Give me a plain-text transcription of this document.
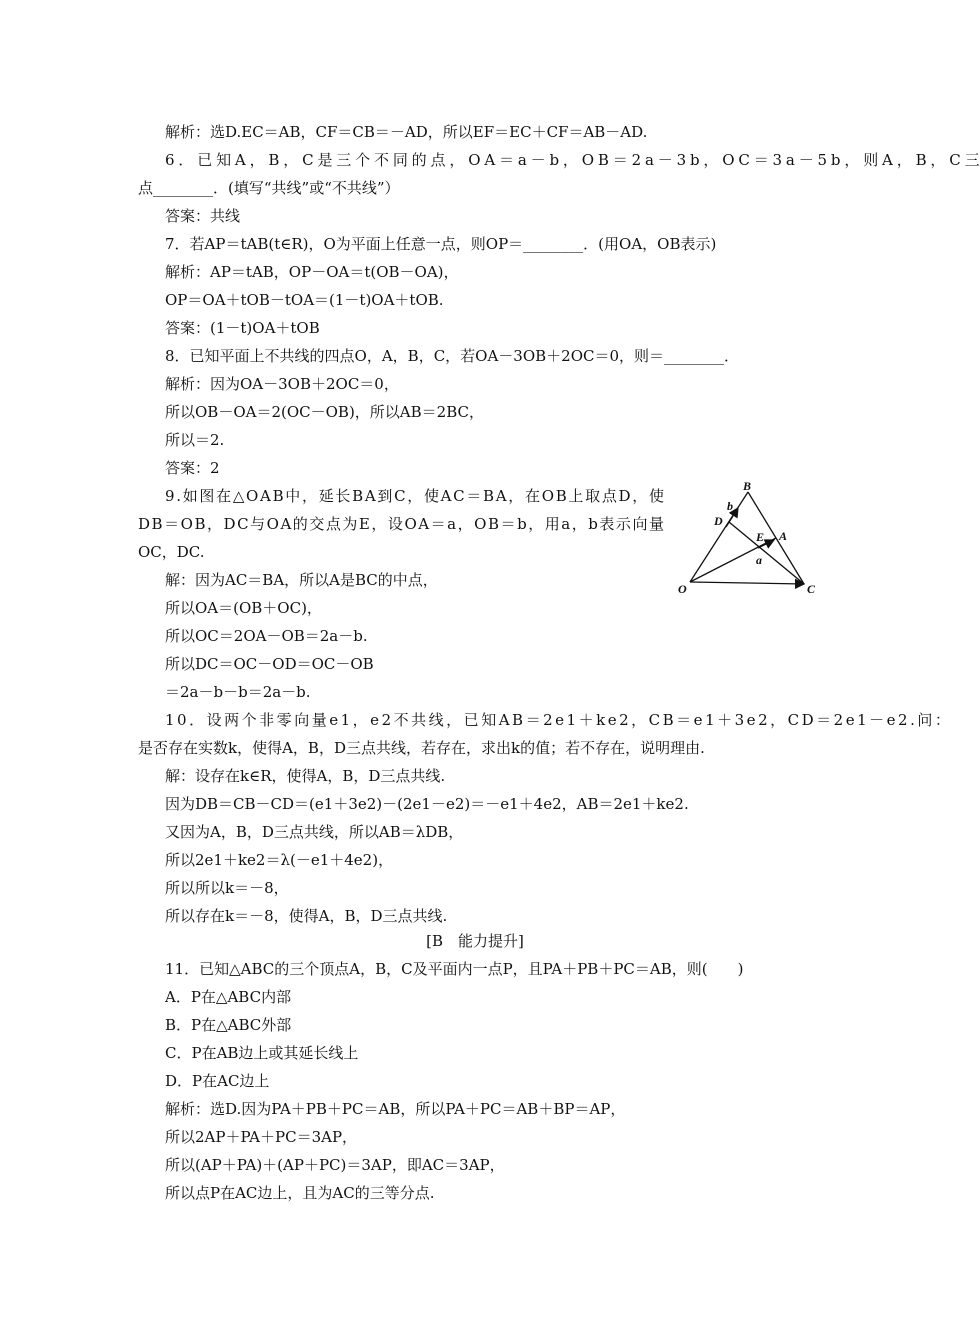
解析：选D.EC＝AB，CF＝CB＝－AD，所以EF＝EC＋CF＝AB－AD.
6 ． 已 知 A ， B ， C 是 三 个 不 同 的 点 ， O A ＝ a － b ， O B ＝ 2 a － 3 b ， O C ＝ 3 a － 5 b ， 则 A ， B ， C 三
点________．(填写“共线”或“不共线”）
答案：共线
7．若AP＝tAB(t∈R)，O为平面上任意一点，则OP＝________．(用OA，OB表示)
解析：AP＝tAB，OP－OA＝t(OB－OA)，
OP＝OA＋tOB－tOA＝(1－t)OA＋tOB.
答案：(1－t)OA＋tOB
8．已知平面上不共线的四点O，A，B，C，若OA－3OB＋2OC＝0，则＝________．
解析：因为OA－3OB＋2OC＝0，
所以OB－OA＝2(OC－OB)，所以AB＝2BC，
所以＝2.
答案：2
9 . 如 图 在 △ O A B 中 ， 延 长 B A 到 C ， 使 A C ＝ B A ， 在 O B 上 取 点 D ， 使
D B ＝ O B ， D C 与 O A 的 交 点 为 E ， 设 O A ＝ a ， O B ＝ b ， 用 a ， b 表 示 向 量
OC，DC.
解：因为AC＝BA，所以A是BC的中点，
所以OA＝(OB＋OC)，
所以OC＝2OA－OB＝2a－b.
所以DC＝OC－OD＝OC－OB
＝2a－b－b＝2a－b.
1 0 ． 设 两 个 非 零 向 量 e 1 ， e 2 不 共 线 ， 已 知 A B ＝ 2 e 1 ＋ k e 2 ， C B ＝ e 1 ＋ 3 e 2 ， C D ＝ 2 e 1 － e 2 . 问 ：
是否存在实数k，使得A，B，D三点共线，若存在，求出k的值；若不存在，说明理由.
解：设存在k∈R，使得A，B，D三点共线.
因为DB＝CB－CD＝(e1＋3e2)－(2e1－e2)＝－e1＋4e2，AB＝2e1＋ke2.
又因为A，B，D三点共线，所以AB＝λDB，
所以2e1＋ke2＝λ(－e1＋4e2)，
所以所以k＝－8，
所以存在k＝－8，使得A，B，D三点共线.
[B　能力提升]
11．已知△ABC的三个顶点A，B，C及平面内一点P，且PA＋PB＋PC＝AB，则(　　)
A．P在△ABC内部
B．P在△ABC外部
C．P在AB边上或其延长线上
D．P在AC边上
解析：选D.因为PA＋PB＋PC＝AB，所以PA＋PC＝AB＋BP＝AP，
所以2AP＋PA＋PC＝3AP，
所以(AP＋PA)＋(AP＋PC)＝3AP，即AC＝3AP，
所以点P在AC边上，且为AC的三等分点.
B
b
D
E A
a
O	C
